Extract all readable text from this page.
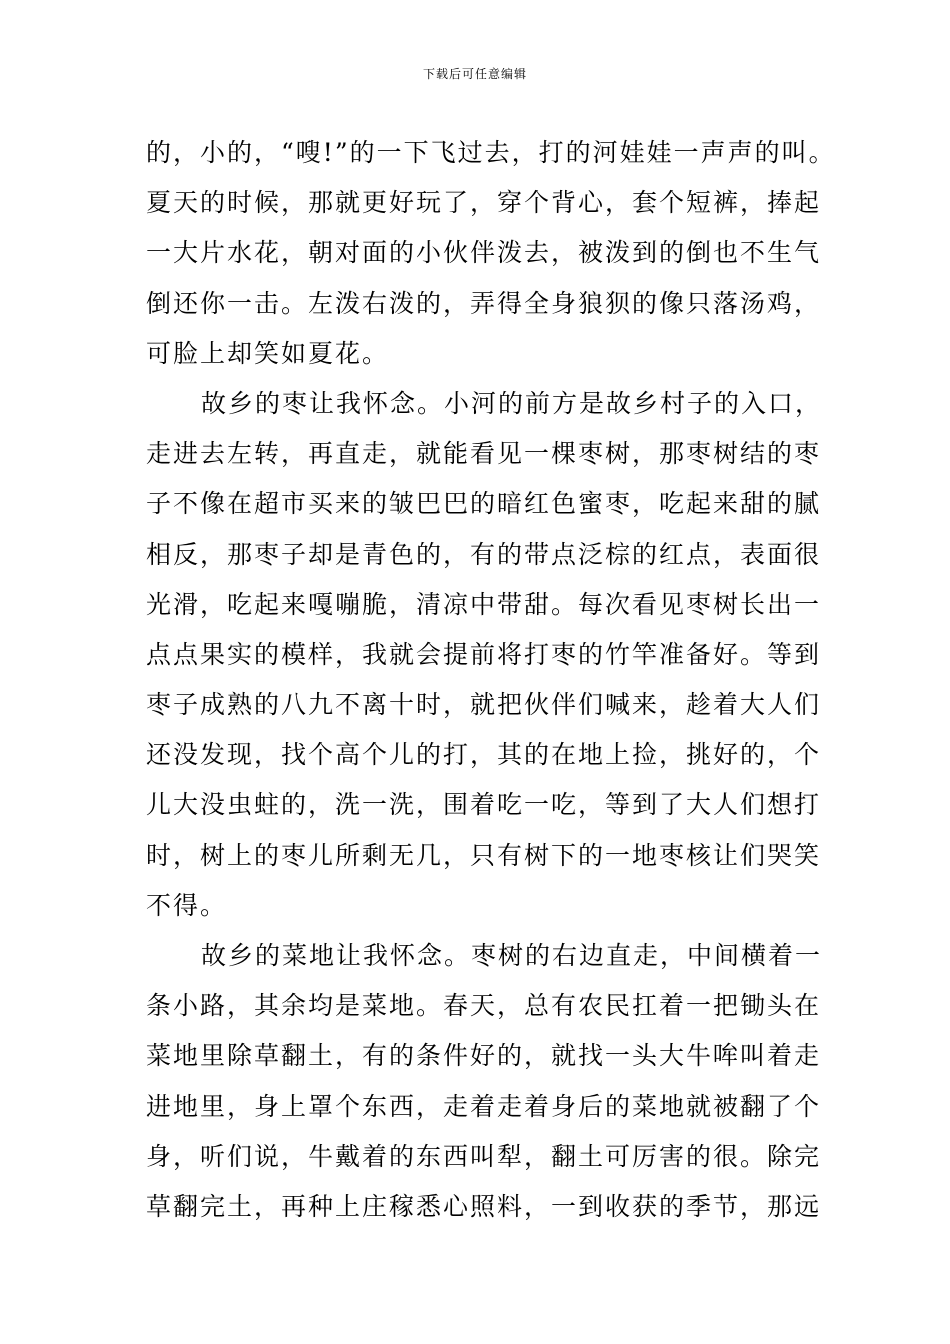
下载后可任意编辑
的，小的，“嗖!”的一下飞过去，打的河娃娃一声声的叫。
夏天的时候，那就更好玩了，穿个背心，套个短裤，捧起
一大片水花，朝对面的小伙伴泼去，被泼到的倒也不生气
倒还你一击。左泼右泼的，弄得全身狼狈的像只落汤鸡，
可脸上却笑如夏花。
故乡的枣让我怀念。小河的前方是故乡村子的入口，
走进去左转，再直走，就能看见一棵枣树，那枣树结的枣
子不像在超市买来的皱巴巴的暗红色蜜枣，吃起来甜的腻
相反，那枣子却是青色的，有的带点泛棕的红点，表面很
光滑，吃起来嘎嘣脆，清凉中带甜。每次看见枣树长出一
点点果实的模样，我就会提前将打枣的竹竿准备好。等到
枣子成熟的八九不离十时，就把伙伴们喊来，趁着大人们
还没发现，找个高个儿的打，其的在地上捡，挑好的，个
儿大没虫蛀的，洗一洗，围着吃一吃，等到了大人们想打
时，树上的枣儿所剩无几，只有树下的一地枣核让们哭笑
不得。
故乡的菜地让我怀念。枣树的右边直走，中间横着一
条小路，其余均是菜地。春天，总有农民扛着一把锄头在
菜地里除草翻土，有的条件好的，就找一头大牛哞叫着走
进地里，身上罩个东西，走着走着身后的菜地就被翻了个
身，听们说，牛戴着的东西叫犁，翻土可厉害的很。除完
草翻完土，再种上庄稼悉心照料，一到收获的季节，那远
